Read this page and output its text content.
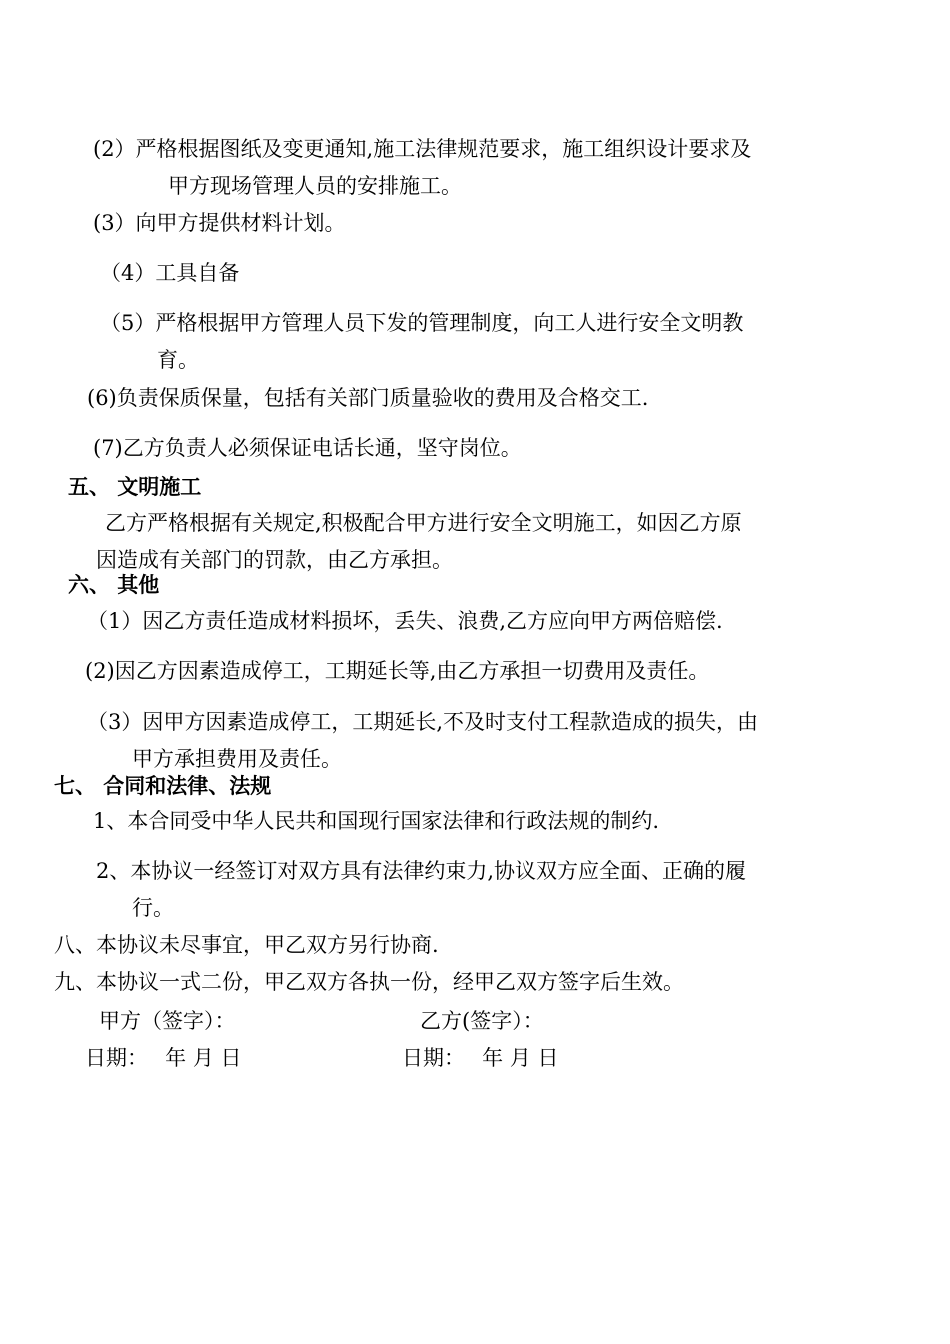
(2）严格根据图纸及变更通知,施工法律规范要求，施工组织设计要求及

甲方现场管理人员的安排施工。

(3）向甲方提供材料计划。

（4）工具自备

（5）严格根据甲方管理人员下发的管理制度，向工人进行安全文明教

育。

(6)负责保质保量，包括有关部门质量验收的费用及合格交工.

(7)乙方负责人必须保证电话长通，坚守岗位。

五、 文明施工

乙方严格根据有关规定,积极配合甲方进行安全文明施工，如因乙方原

因造成有关部门的罚款，由乙方承担。

六、 其他

（1）因乙方责任造成材料损坏，丢失、浪费,乙方应向甲方两倍赔偿.

(2)因乙方因素造成停工，工期延长等,由乙方承担一切费用及责任。

（3）因甲方因素造成停工，工期延长,不及时支付工程款造成的损失，由

甲方承担费用及责任。

七、 合同和法律、法规

1、本合同受中华人民共和国现行国家法律和行政法规的制约.

2、本协议一经签订对双方具有法律约束力,协议双方应全面、正确的履

行。

八、本协议未尽事宜，甲乙双方另行协商.

九、本协议一式二份，甲乙双方各执一份，经甲乙双方签字后生效。

甲方（签字）：	乙方(签字）：

日期：　 年 月 日	日期：　 年 月 日
